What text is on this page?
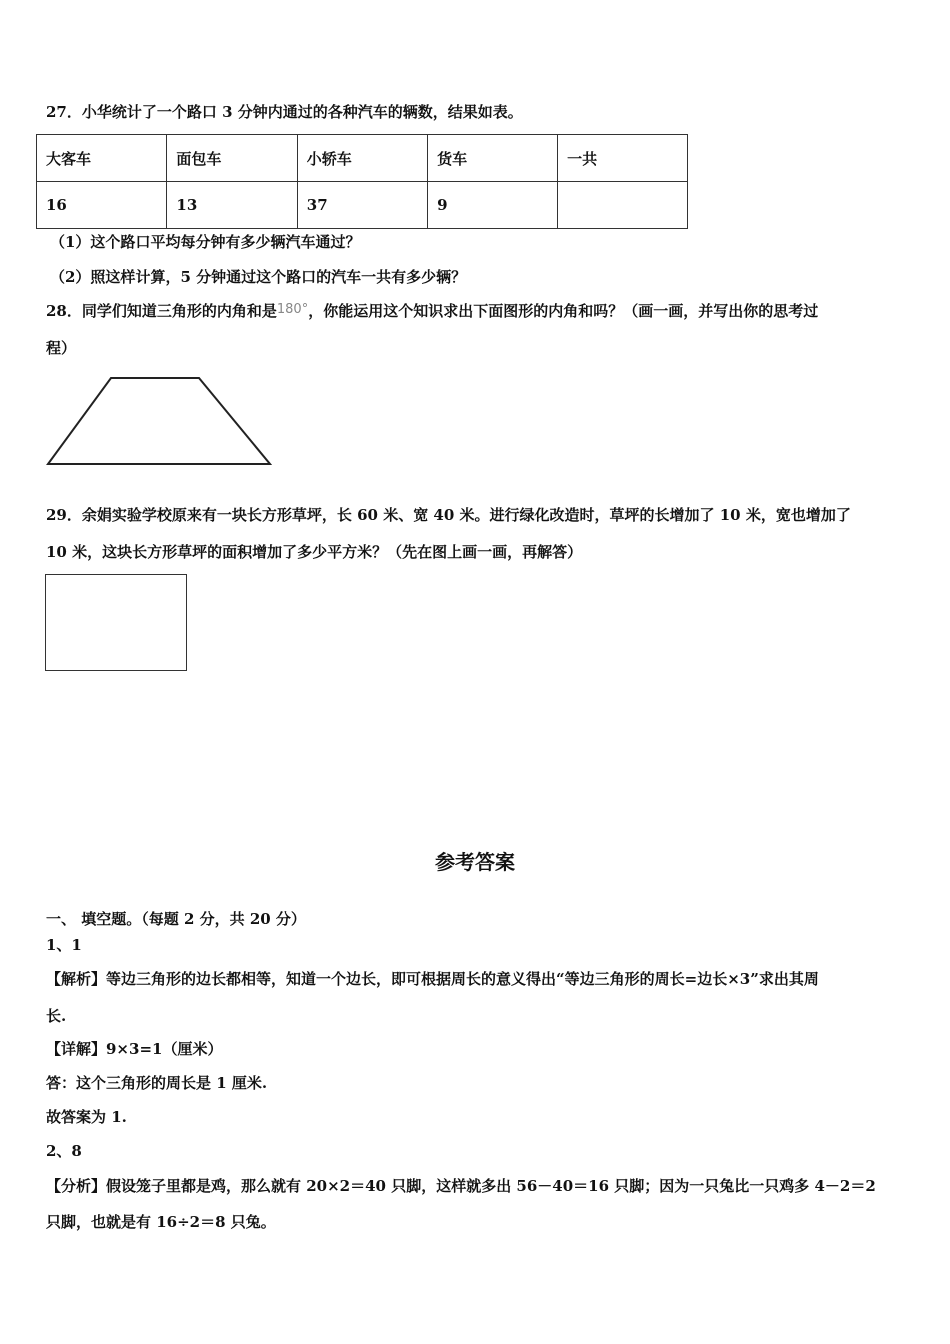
27．小华统计了一个路口 3 分钟内通过的各种汽车的辆数，结果如表。
大客车	面包车	小轿车	货车	一共
16	13	37	9	
（1）这个路口平均每分钟有多少辆汽车通过？
（2）照这样计算，5 分钟通过这个路口的汽车一共有多少辆？
28．同学们知道三角形的内角和是180°，你能运用这个知识求出下面图形的内角和吗？（画一画，并写出你的思考过
程）
29．余娟实验学校原来有一块长方形草坪，长 60 米、宽 40 米。进行绿化改造时，草坪的长增加了 10 米，宽也增加了
10 米，这块长方形草坪的面积增加了多少平方米？（先在图上画一画，再解答）
参考答案
一、 填空题。（每题 2 分，共 20 分）
1、1
【解析】等边三角形的边长都相等，知道一个边长，即可根据周长的意义得出“等边三角形的周长=边长×3”求出其周
长.
【详解】9×3=1（厘米）
答：这个三角形的周长是 1 厘米.
故答案为 1.
2、8
【分析】假设笼子里都是鸡，那么就有 20×2＝40 只脚，这样就多出 56－40＝16 只脚；因为一只兔比一只鸡多 4－2＝2
只脚，也就是有 16÷2＝8 只兔。
